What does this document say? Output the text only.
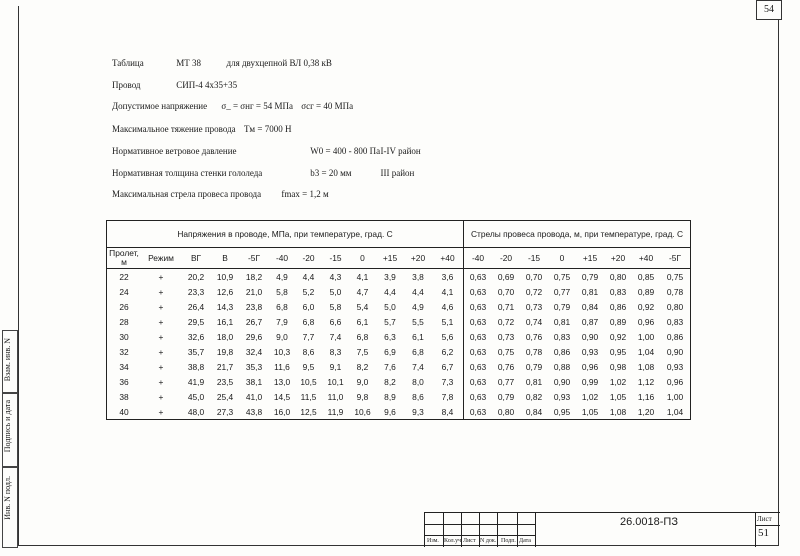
54
Взам. инв. N
Подпись и дата
Инв. N подл.
Таблица	МТ 38	для двухцепной ВЛ 0,38 кВ
Провод	СИП-4 4х35+35
Допустимое напряжение σ_ = σнг = 54 МПа σсг = 40 МПа
Максимальное тяжение провода Tм = 7000 Н
Нормативное ветровое давление	W0 = 400 - 800 Па I-IV район
Нормативная толщина стенки гололеда	b3 = 20 мм	III район
Максимальная стрела провеса провода fmax = 1,2 м
Напряжения в проводе, МПа, при температуре, град. С												Стрелы провеса провода, м, при температуре, град. С							
Пролет, м	Режим	ВГ	В	-5Г	-40	-20	-15	0	+15	+20	+40	-40	-20	-15	0	+15	+20	+40	-5Г
22	+	20,2	10,9	18,2	4,9	4,4	4,3	4,1	3,9	3,8	3,6	0,63	0,69	0,70	0,75	0,79	0,80	0,85	0,75
24	+	23,3	12,6	21,0	5,8	5,2	5,0	4,7	4,4	4,4	4,1	0,63	0,70	0,72	0,77	0,81	0,83	0,89	0,78
26	+	26,4	14,3	23,8	6,8	6,0	5,8	5,4	5,0	4,9	4,6	0,63	0,71	0,73	0,79	0,84	0,86	0,92	0,80
28	+	29,5	16,1	26,7	7,9	6,8	6,6	6,1	5,7	5,5	5,1	0,63	0,72	0,74	0,81	0,87	0,89	0,96	0,83
30	+	32,6	18,0	29,6	9,0	7,7	7,4	6,8	6,3	6,1	5,6	0,63	0,73	0,76	0,83	0,90	0,92	1,00	0,86
32	+	35,7	19,8	32,4	10,3	8,6	8,3	7,5	6,9	6,8	6,2	0,63	0,75	0,78	0,86	0,93	0,95	1,04	0,90
34	+	38,8	21,7	35,3	11,6	9,5	9,1	8,2	7,6	7,4	6,7	0,63	0,76	0,79	0,88	0,96	0,98	1,08	0,93
36	+	41,9	23,5	38,1	13,0	10,5	10,1	9,0	8,2	8,0	7,3	0,63	0,77	0,81	0,90	0,99	1,02	1,12	0,96
38	+	45,0	25,4	41,0	14,5	11,5	11,0	9,8	8,9	8,6	7,8	0,63	0,79	0,82	0,93	1,02	1,05	1,16	1,00
40	+	48,0	27,3	43,8	16,0	12,5	11,9	10,6	9,6	9,3	8,4	0,63	0,80	0,84	0,95	1,05	1,08	1,20	1,04
Изм. Кол.уч Лист N док. Подп. Дата
26.0018-ПЗ	Лист
51
